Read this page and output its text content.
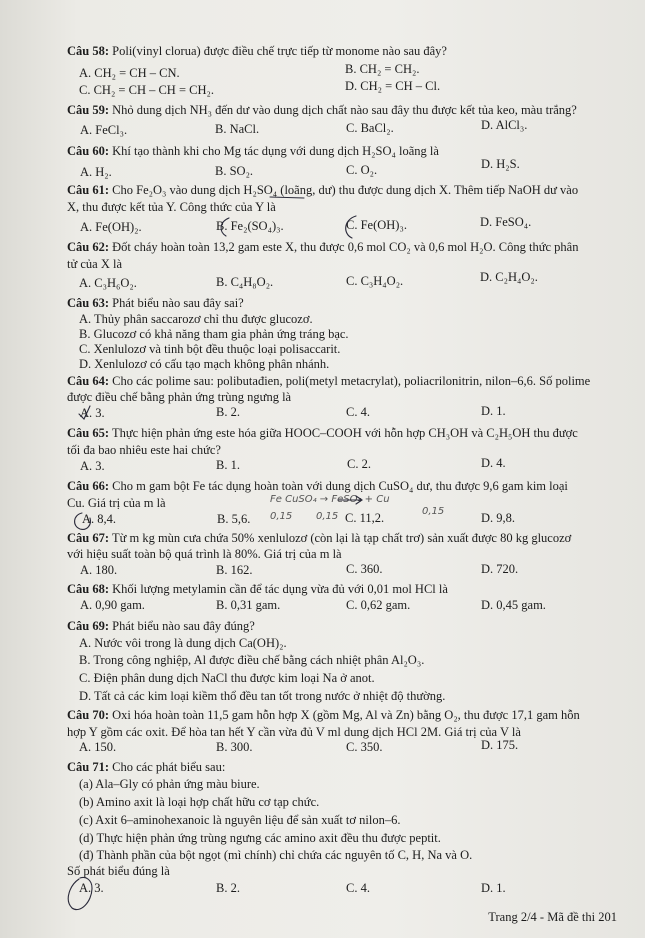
Câu 58: Poli(vinyl clorua) được điều chế trực tiếp từ monome nào sau đây?
A. CH₂ = CH – CN.	B. CH₂ = CH₂.
C. CH₂ = CH – CH = CH₂.	D. CH₂ = CH – Cl.
Câu 59: Nhỏ dung dịch NH₃ đến dư vào dung dịch chất nào sau đây thu được kết tủa keo, màu trắng?
A. FeCl₃.	B. NaCl.	C. BaCl₂.	D. AlCl₃.
Câu 60: Khí tạo thành khi cho Mg tác dụng với dung dịch H₂SO₄ loãng là
A. H₂.	B. SO₂.	C. O₂.	D. H₂S.
Câu 61: Cho Fe₂O₃ vào dung dịch H₂SO₄ (loãng, dư) thu được dung dịch X. Thêm tiếp NaOH dư vào
X, thu được kết tủa Y. Công thức của Y là
A. Fe(OH)₂.	B. Fe₂(SO₄)₃.	C. Fe(OH)₃.	D. FeSO₄.
Câu 62: Đốt cháy hoàn toàn 13,2 gam este X, thu được 0,6 mol CO₂ và 0,6 mol H₂O. Công thức phân
tử của X là
A. C₃H₆O₂.	B. C₄H₈O₂.	C. C₃H₄O₂.	D. C₂H₄O₂.
Câu 63: Phát biểu nào sau đây sai?
A. Thủy phân saccarozơ chỉ thu được glucozơ.
B. Glucozơ có khả năng tham gia phản ứng tráng bạc.
C. Xenlulozơ và tinh bột đều thuộc loại polisaccarit.
D. Xenlulozơ có cấu tạo mạch không phân nhánh.
Câu 64: Cho các polime sau: polibutađien, poli(metyl metacrylat), poliacrilonitrin, nilon–6,6. Số polime
được điều chế bằng phản ứng trùng ngưng là
A. 3.	B. 2.	C. 4.	D. 1.
Câu 65: Thực hiện phản ứng este hóa giữa HOOC–COOH với hỗn hợp CH₃OH và C₂H₅OH thu được
tối đa bao nhiêu este hai chức?
A. 3.	B. 1.	C. 2.	D. 4.
Câu 66: Cho m gam bột Fe tác dụng hoàn toàn với dung dịch CuSO₄ dư, thu được 9,6 gam kim loại
Cu. Giá trị của m là
A. 8,4.	B. 5,6.	C. 11,2.	D. 9,8.
Fe CuSO₄ → FeSO₄ + Cu
0,15 0,15	0,15
Câu 67: Từ m kg mùn cưa chứa 50% xenlulozơ (còn lại là tạp chất trơ) sản xuất được 80 kg glucozơ
với hiệu suất toàn bộ quá trình là 80%. Giá trị của m là
A. 180.	B. 162.	C. 360.	D. 720.
Câu 68: Khối lượng metylamin cần để tác dụng vừa đủ với 0,01 mol HCl là
A. 0,90 gam.	B. 0,31 gam.	C. 0,62 gam.	D. 0,45 gam.
Câu 69: Phát biểu nào sau đây đúng?
A. Nước vôi trong là dung dịch Ca(OH)₂.
B. Trong công nghiệp, Al được điều chế bằng cách nhiệt phân Al₂O₃.
C. Điện phân dung dịch NaCl thu được kim loại Na ở anot.
D. Tất cả các kim loại kiềm thổ đều tan tốt trong nước ở nhiệt độ thường.
Câu 70: Oxi hóa hoàn toàn 11,5 gam hỗn hợp X (gồm Mg, Al và Zn) bằng O₂, thu được 17,1 gam hỗn
hợp Y gồm các oxit. Để hòa tan hết Y cần vừa đủ V ml dung dịch HCl 2M. Giá trị của V là
A. 150.	B. 300.	C. 350.	D. 175.
Câu 71: Cho các phát biểu sau:
(a) Ala–Gly có phản ứng màu biure.
(b) Amino axit là loại hợp chất hữu cơ tạp chức.
(c) Axit 6–aminohexanoic là nguyên liệu để sản xuất tơ nilon–6.
(d) Thực hiện phản ứng trùng ngưng các amino axit đều thu được peptit.
(đ) Thành phần của bột ngọt (mì chính) chỉ chứa các nguyên tố C, H, Na và O.
Số phát biểu đúng là
A. 3.	B. 2.	C. 4.	D. 1.
Trang 2/4 - Mã đề thi 201
